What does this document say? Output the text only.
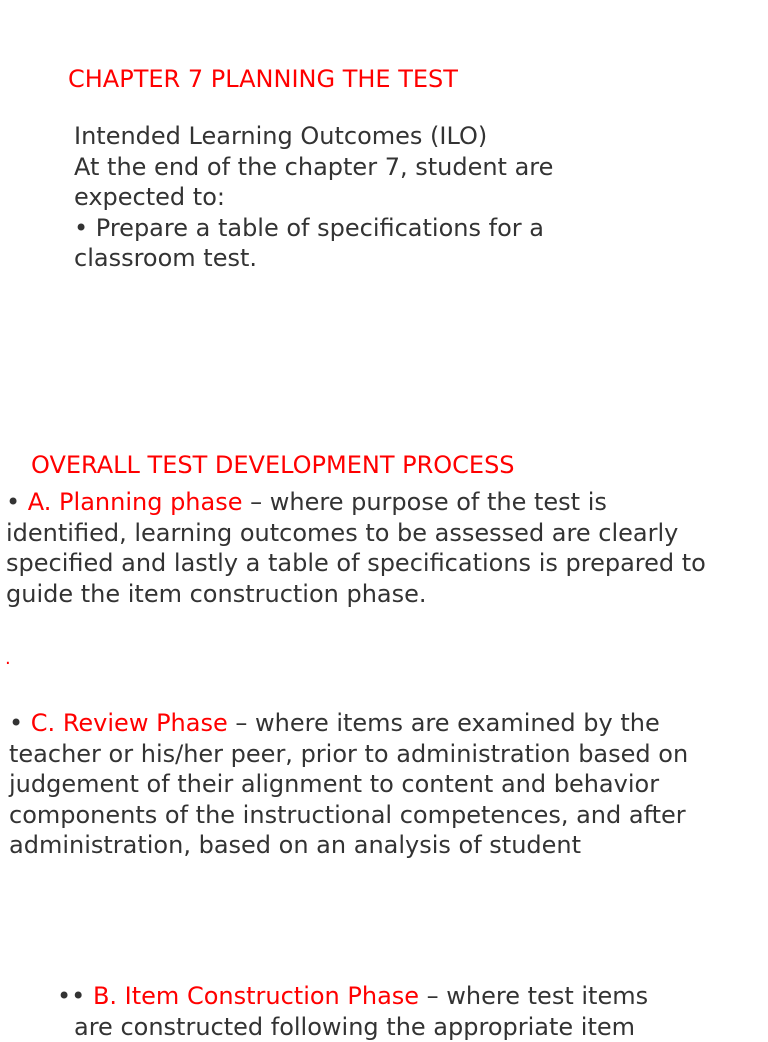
CHAPTER 7 PLANNING THE TEST
Intended Learning Outcomes (ILO)
At the end of the chapter 7, student are
expected to:
• Prepare a table of specifications for a
classroom test.
OVERALL TEST DEVELOPMENT PROCESS
• A. Planning phase – where purpose of the test is
identified, learning outcomes to be assessed are clearly
specified and lastly a table of specifications is prepared to
guide the item construction phase.
.
• C. Review Phase – where items are examined by the
teacher or his/her peer, prior to administration based on
judgement of their alignment to content and behavior
components of the instructional competences, and after
administration, based on an analysis of student
•• B. Item Construction Phase – where test items
are constructed following the appropriate item
